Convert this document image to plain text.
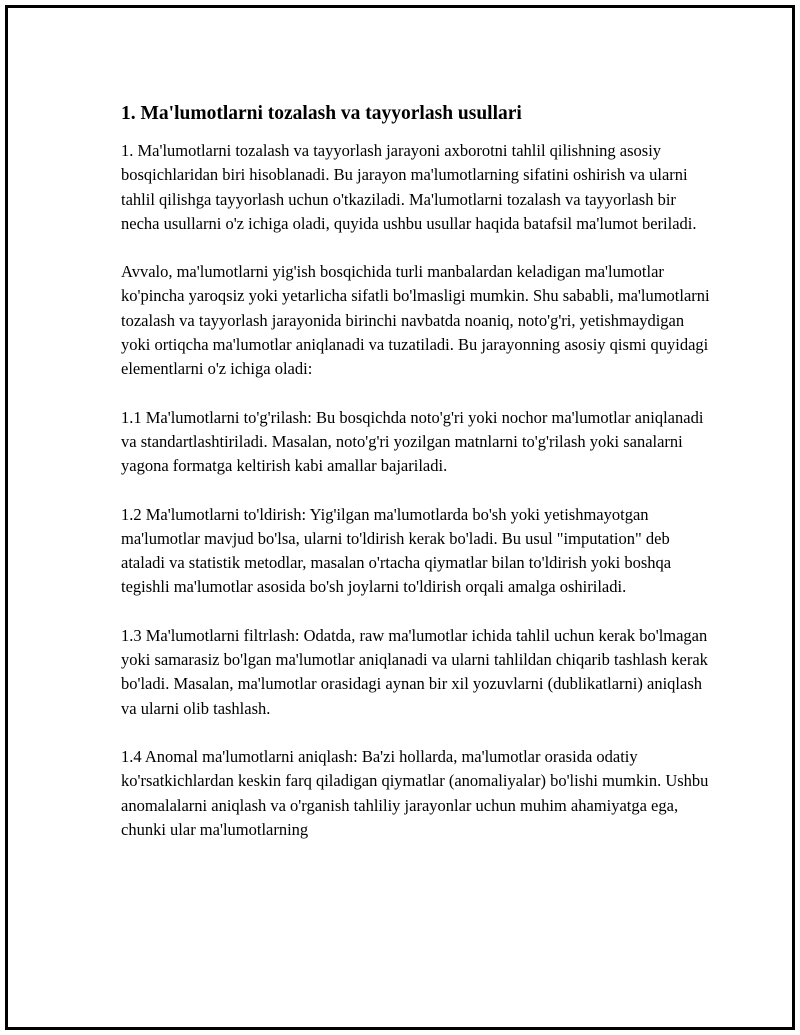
1. Ma'lumotlarni tozalash va tayyorlash usullari

1. Ma'lumotlarni tozalash va tayyorlash jarayoni axborotni tahlil qilishning asosiy bosqichlaridan biri hisoblanadi. Bu jarayon ma'lumotlarning sifatini oshirish va ularni tahlil qilishga tayyorlash uchun o'tkaziladi. Ma'lumotlarni tozalash va tayyorlash bir necha usullarni o'z ichiga oladi, quyida ushbu usullar haqida batafsil ma'lumot beriladi.

Avvalo, ma'lumotlarni yig'ish bosqichida turli manbalardan keladigan ma'lumotlar ko'pincha yaroqsiz yoki yetarlicha sifatli bo'lmasligi mumkin. Shu sababli, ma'lumotlarni tozalash va tayyorlash jarayonida birinchi navbatda noaniq, noto'g'ri, yetishmaydigan yoki ortiqcha ma'lumotlar aniqlanadi va tuzatiladi. Bu jarayonning asosiy qismi quyidagi elementlarni o'z ichiga oladi:

1.1 Ma'lumotlarni to'g'rilash: Bu bosqichda noto'g'ri yoki nochor ma'lumotlar aniqlanadi va standartlashtiriladi. Masalan, noto'g'ri yozilgan matnlarni to'g'rilash yoki sanalarni yagona formatga keltirish kabi amallar bajariladi.

1.2 Ma'lumotlarni to'ldirish: Yig'ilgan ma'lumotlarda bo'sh yoki yetishmayotgan ma'lumotlar mavjud bo'lsa, ularni to'ldirish kerak bo'ladi. Bu usul "imputation" deb ataladi va statistik metodlar, masalan o'rtacha qiymatlar bilan to'ldirish yoki boshqa tegishli ma'lumotlar asosida bo'sh joylarni to'ldirish orqali amalga oshiriladi.

1.3 Ma'lumotlarni filtrlash: Odatda, raw ma'lumotlar ichida tahlil uchun kerak bo'lmagan yoki samarasiz bo'lgan ma'lumotlar aniqlanadi va ularni tahlildan chiqarib tashlash kerak bo'ladi. Masalan, ma'lumotlar orasidagi aynan bir xil yozuvlarni (dublikatlarni) aniqlash va ularni olib tashlash.

1.4 Anomal ma'lumotlarni aniqlash: Ba'zi hollarda, ma'lumotlar orasida odatiy ko'rsatkichlardan keskin farq qiladigan qiymatlar (anomaliyalar) bo'lishi mumkin. Ushbu anomalalarni aniqlash va o'rganish tahliliy jarayonlar uchun muhim ahamiyatga ega, chunki ular ma'lumotlarning
